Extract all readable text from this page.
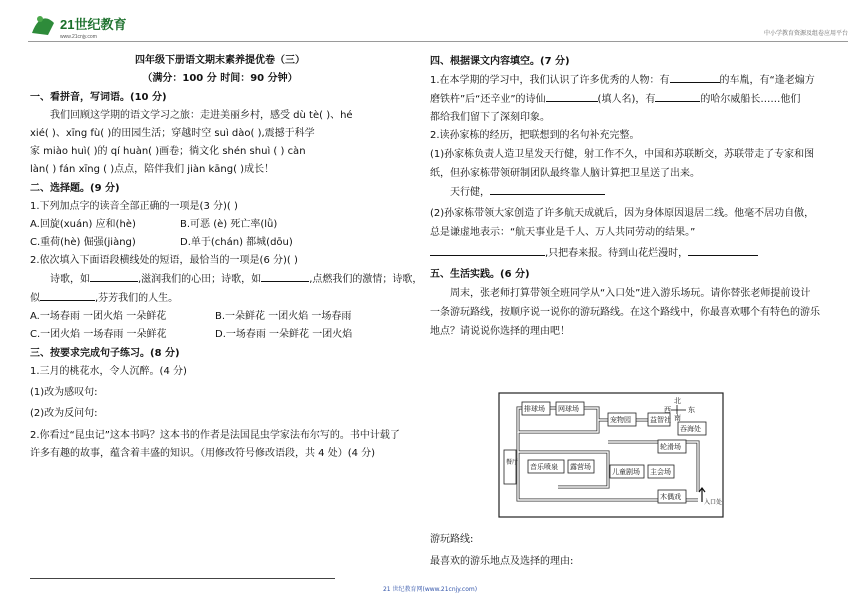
21世纪教育
www.21cnjy.com	中小学教育资源及组卷应用平台
四年级下册语文期末素养提优卷（三）
（满分：100 分 时间：90 分钟）
一、看拼音，写词语。(10 分)
我们回顾这学期的语文学习之旅：走进美丽乡村，感受 dù tè( )、hé
xié( )、xīng fù( )的田园生活；穿越时空 suì dào( ),震撼于科学
家 miào huì( )的 qí huàn( )画卷；徜文化 shén shuì ( ) càn
làn( ) fán xīng ( )点点，陪伴我们 jiàn kāng( )成长！
二、选择题。(9 分)
1.下列加点字的读音全部正确的一项是(3 分)( )
A.回旋(xuán) 应和(hè)	B.可恶 (è) 死亡率(lǜ)
C.重荷(hè) 倔强(jiàng)	D.单于(chán) 都城(dōu)
2.依次填入下面语段横线处的短语，最恰当的一项是(6 分)( )
诗歌，如	,滋润我们的心田；诗歌，如	,点燃我们的激情；诗歌，
似	,芬芳我们的人生。
A.一场春雨 一团火焰 一朵鲜花	B.一朵鲜花 一团火焰 一场春雨
C.一团火焰 一场春雨 一朵鲜花	D.一场春雨 一朵鲜花 一团火焰
三、按要求完成句子练习。(8 分)
1.三月的桃花水，令人沉醉。(4 分)
(1)改为感叹句:
(2)改为反问句:
2.你看过“昆虫记”这本书吗？这本书的作者是法国昆虫学家法布尔写的。书中计载了
许多有趣的故事，蕴含着丰盛的知识。（用修改符号修改语段，共 4 处）(4 分)
四、根据课文内容填空。(7 分)
1.在本学期的学习中，我们认识了许多优秀的人物：有	的车胤，有“逢老煽方
磨铁杵”后“还辛业”的诗仙	(填人名)，有	的哈尔威船长……他们
都给我们留下了深刻印象。
2.读孙家栋的经历，把联想到的名句补充完整。
(1)孙家栋负责人造卫星发天行健，射工作不久，中国和苏联断交，苏联带走了专家和图纸，但孙家栋带领研制团队最终靠人脑计算把卫星送了出来。
天行健，
(2)孙家栋带领大家创造了许多航天成就后，因为身体原因退居二线。他毫不居功自傲，总是谦虚地表示：“航天事业是千人、万人共同劳动的结果。”
,只把春来报。待到山花烂漫时，
五、生活实践。(6 分)
周末，张老师打算带领全班同学从“入口处”进入游乐场玩。请你替张老师提前设计一条游玩路线，按顺序说一说你的游玩路线。在这个路线中，你最喜欢哪个有特色的游乐地点？请说说你选择的理由吧！
排球场 网球场
宠物园	益智社
吞海处
轮滑场
音乐喷泉 露营场
儿童剧场 主会场
木偶戏
餐厅
入口处
北
西 东
南
游玩路线:
最喜欢的游乐地点及选择的理由:
21 世纪教育网(www.21cnjy.com)
